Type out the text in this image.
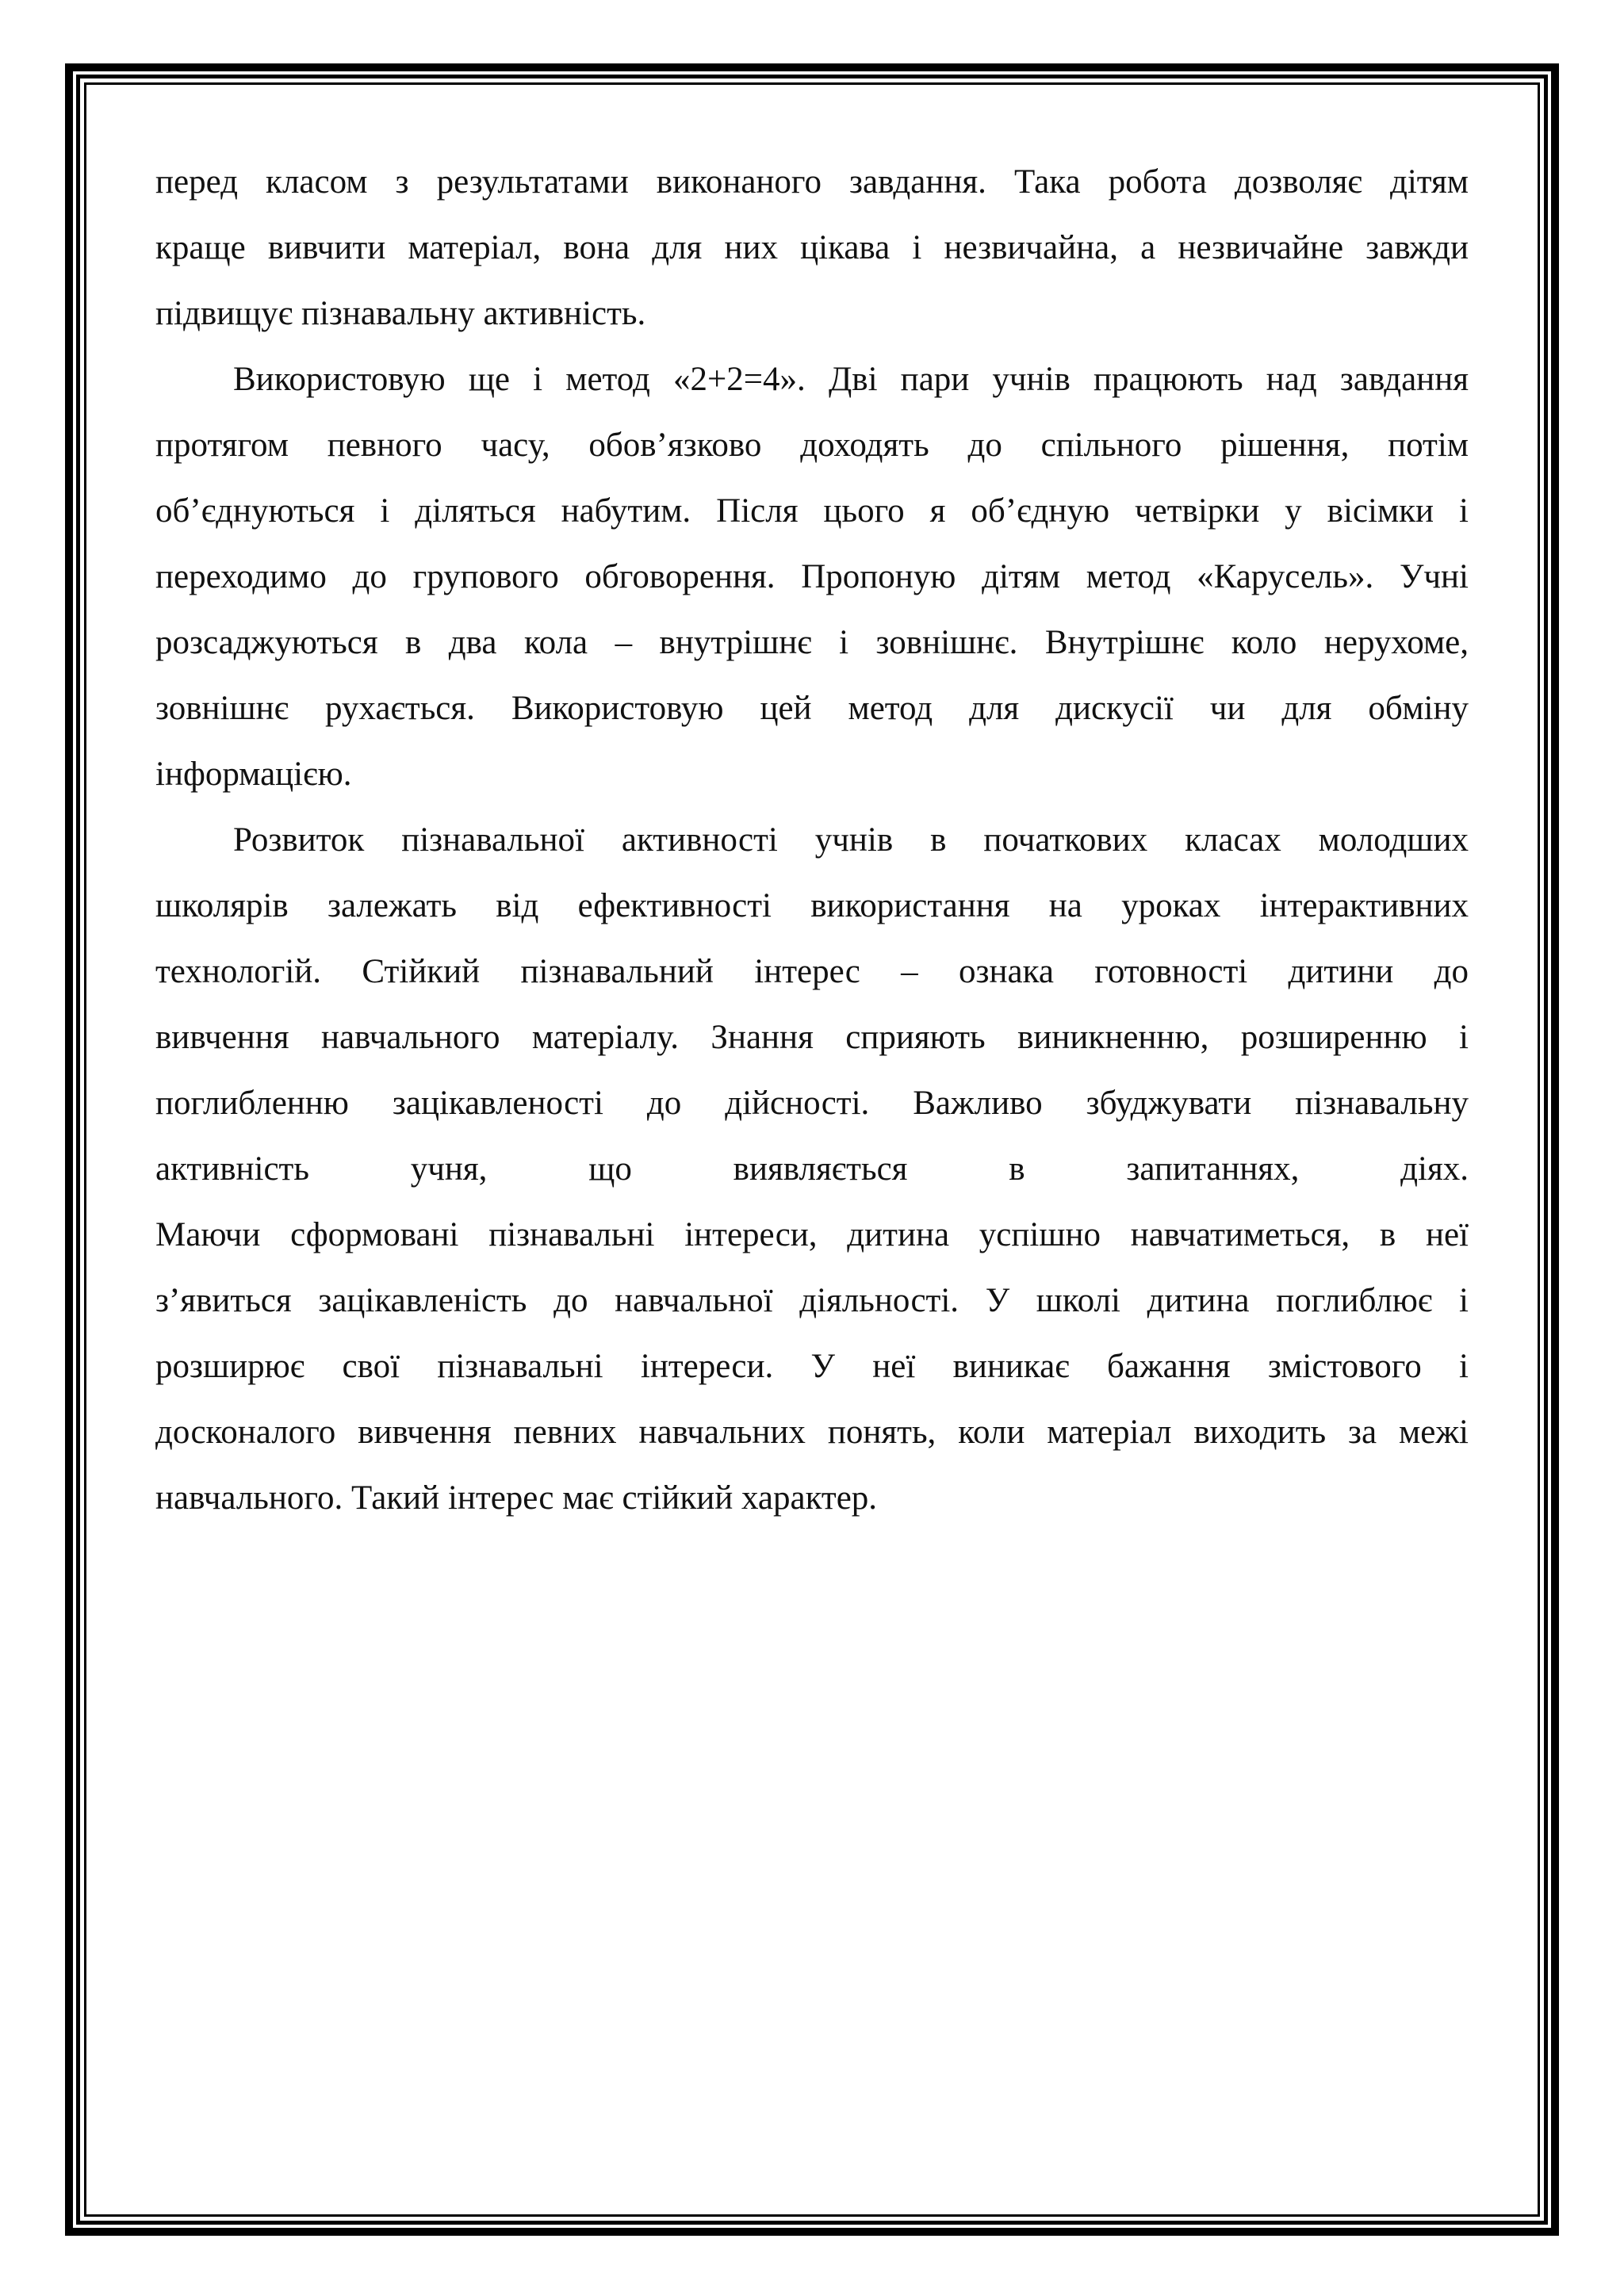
перед класом з результатами виконаного завдання. Така робота дозволяє дітям
краще вивчити матеріал, вона для них цікава і незвичайна, а незвичайне завжди
підвищує пізнавальну активність.

Використовую ще і метод «2+2=4». Дві пари учнів працюють над завдання
протягом певного часу, обов’язково доходять до спільного рішення, потім
об’єднуються і діляться набутим. Після цього я об’єдную четвірки у вісімки і
переходимо до групового обговорення. Пропоную дітям метод «Карусель». Учні
розсаджуються в два кола – внутрішнє і зовнішнє. Внутрішнє коло нерухоме,
зовнішнє рухається. Використовую цей метод для дискусії чи для обміну
інформацією.

Розвиток пізнавальної активності учнів в початкових класах молодших
школярів залежать від ефективності використання на уроках інтерактивних
технологій. Стійкий пізнавальний інтерес – ознака готовності дитини до
вивчення навчального матеріалу. Знання сприяють виникненню, розширенню і
поглибленню зацікавленості до дійсності. Важливо збуджувати пізнавальну
активність учня, що виявляється в запитаннях, діях.
Маючи сформовані пізнавальні інтереси, дитина успішно навчатиметься, в неї
з’явиться зацікавленість до навчальної діяльності. У школі дитина поглиблює і
розширює свої пізнавальні інтереси. У неї виникає бажання змістового і
досконалого вивчення певних навчальних понять, коли матеріал виходить за межі
навчального. Такий інтерес має стійкий характер.
